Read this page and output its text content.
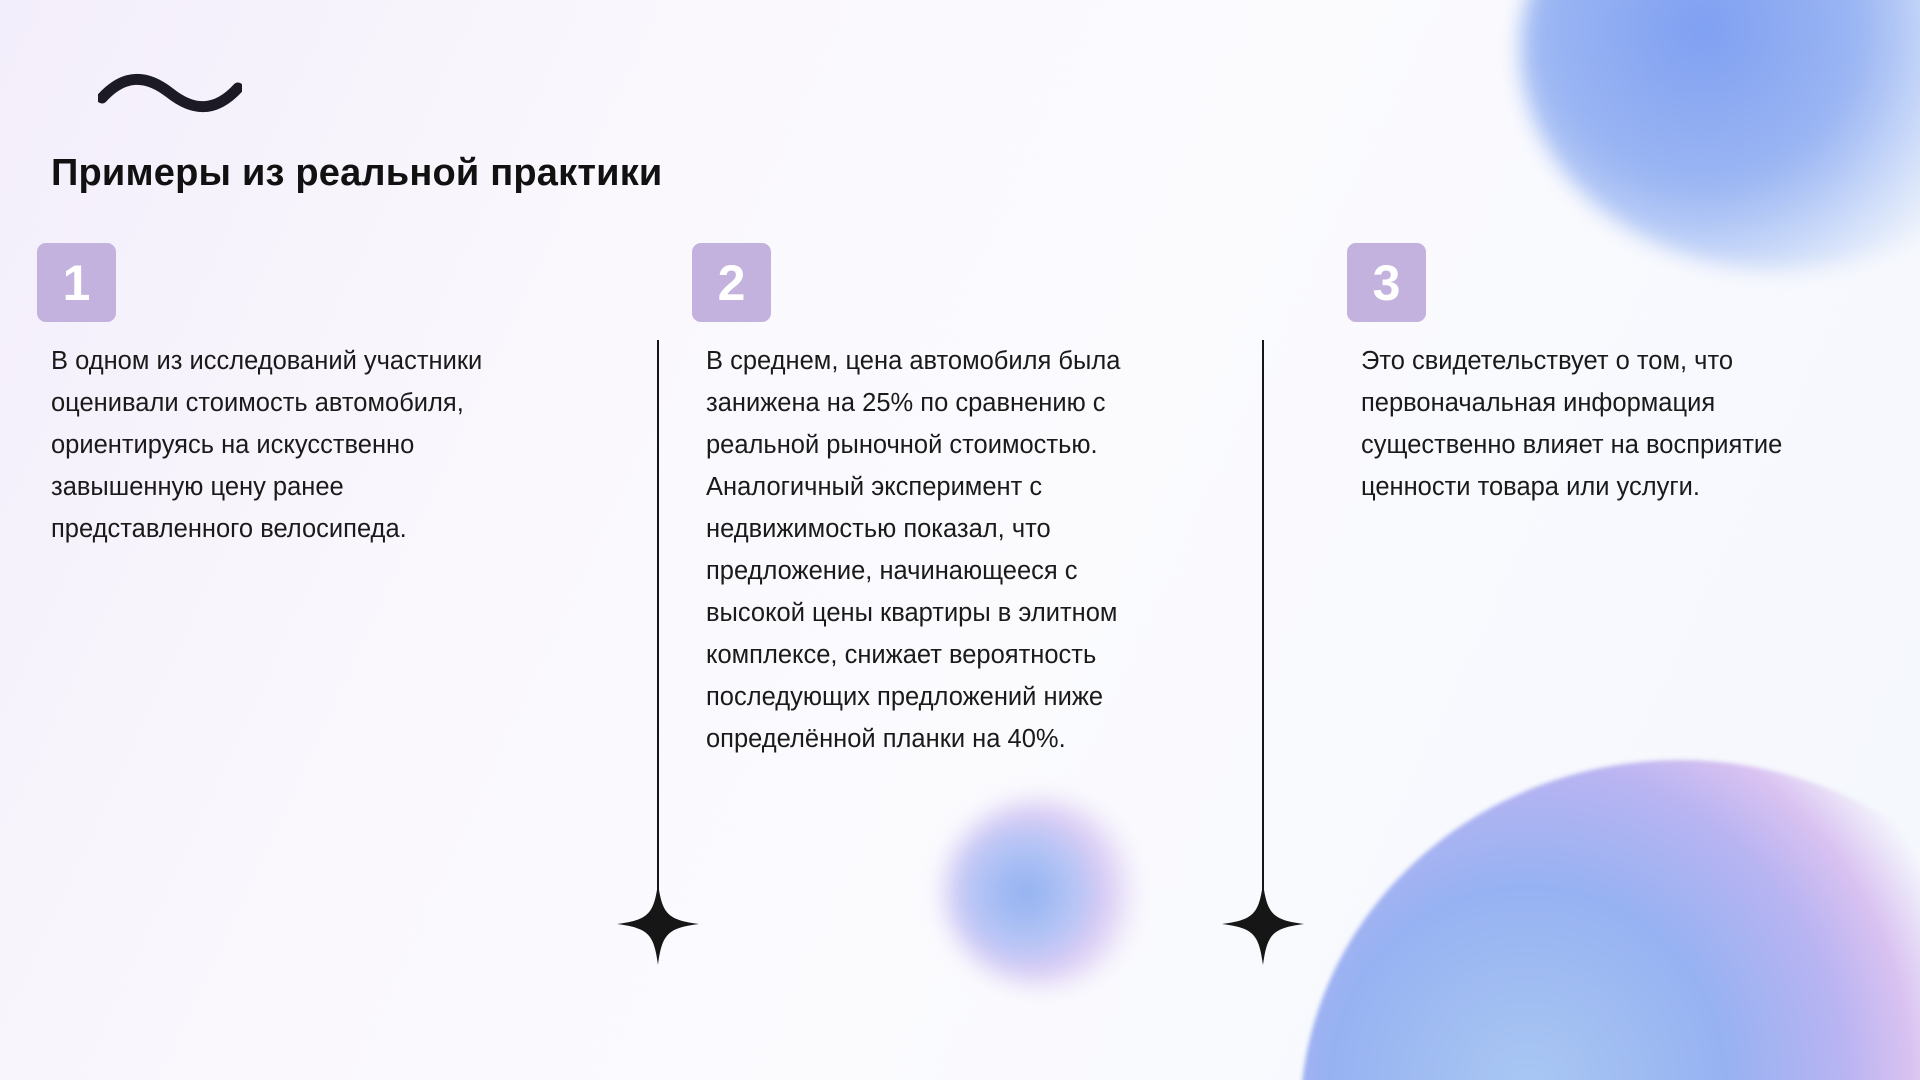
Примеры из реальной практики
1

В одном из исследований участники

оценивали стоимость автомобиля,

ориентируясь на искусственно

завышенную цену ранее

представленного велосипеда.

2

В среднем, цена автомобиля была

занижена на 25% по сравнению с

реальной рыночной стоимостью.

Аналогичный эксперимент с

недвижимостью показал, что

предложение, начинающееся с

высокой цены квартиры в элитном

комплексе, снижает вероятность

последующих предложений ниже

определённой планки на 40%.

3

Это свидетельствует о том, что

первоначальная информация

существенно влияет на восприятие

ценности товара или услуги.
